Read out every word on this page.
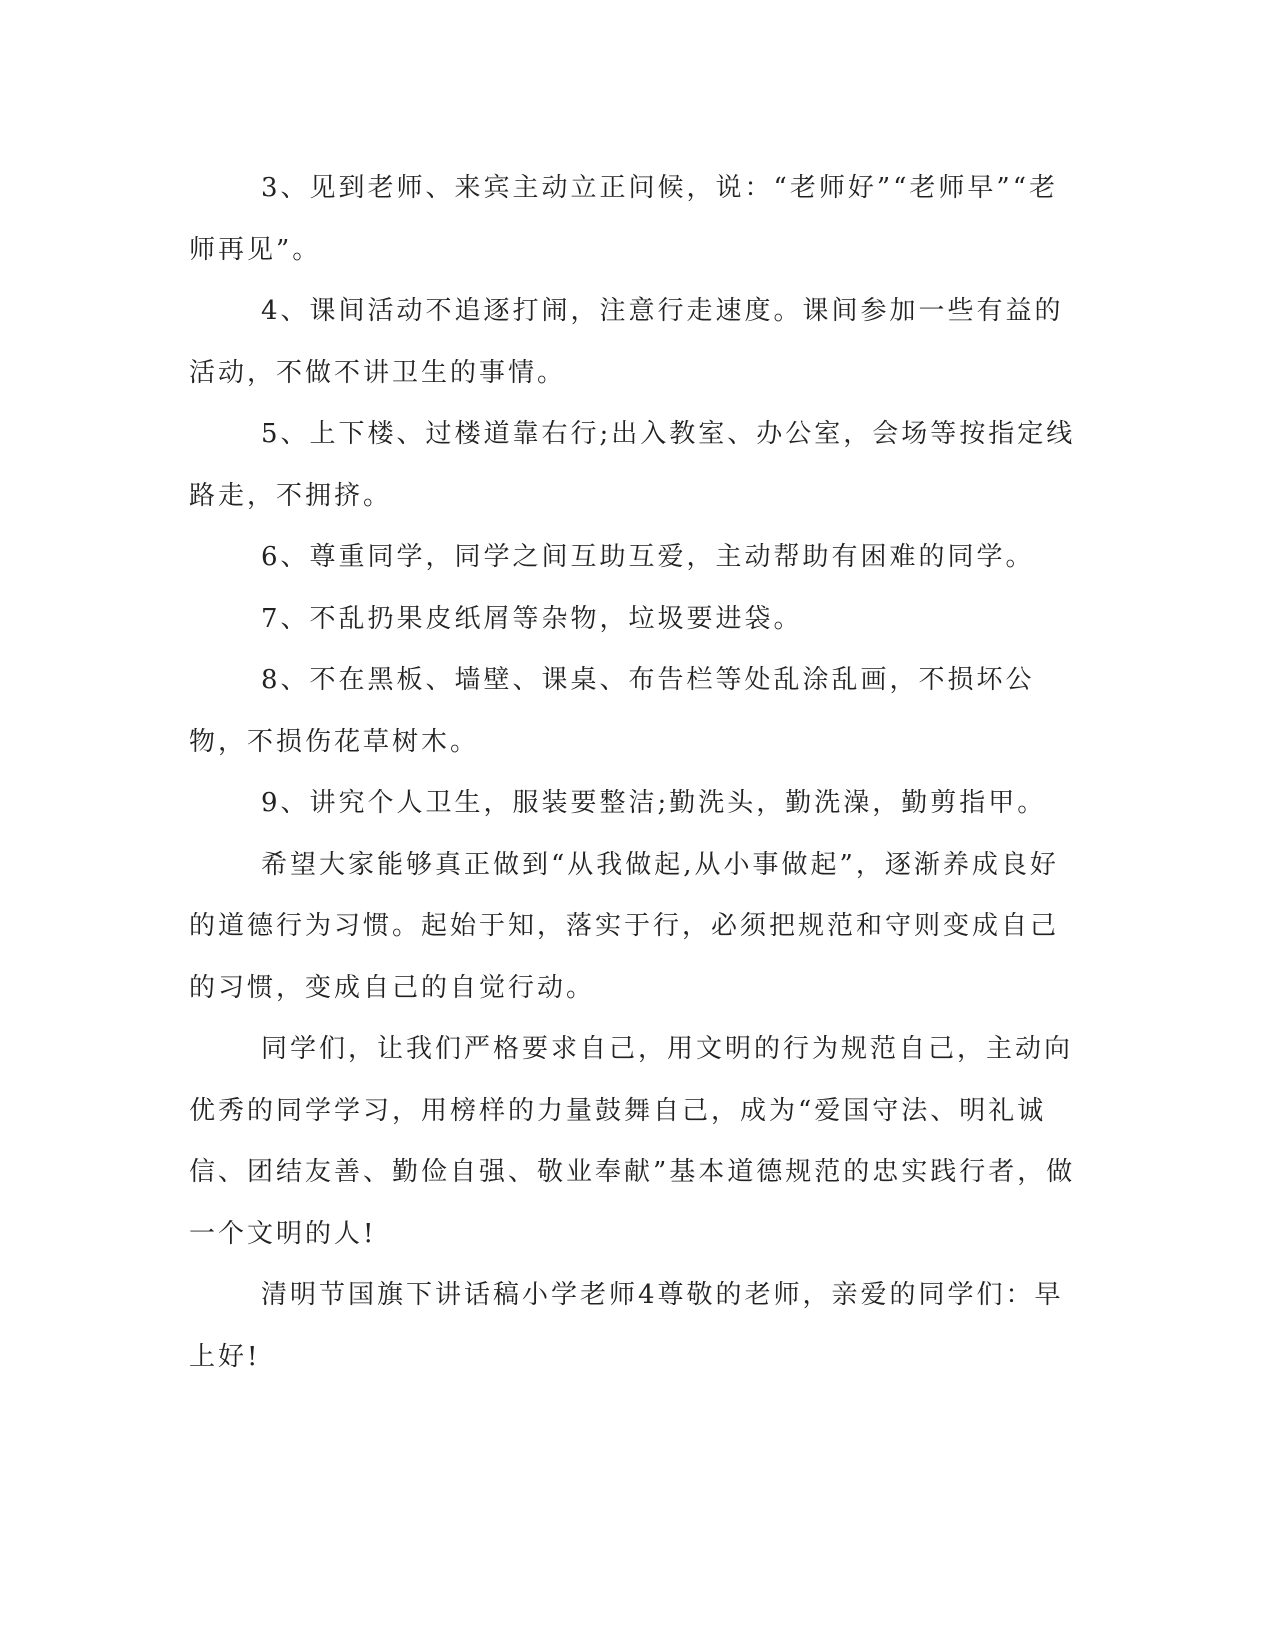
3、见到老师、来宾主动立正问候，说：“老师好”“老师早”“老师再见”。

4、课间活动不追逐打闹，注意行走速度。课间参加一些有益的活动，不做不讲卫生的事情。

5、上下楼、过楼道靠右行;出入教室、办公室，会场等按指定线路走，不拥挤。

6、尊重同学，同学之间互助互爱，主动帮助有困难的同学。

7、不乱扔果皮纸屑等杂物，垃圾要进袋。

8、不在黑板、墙壁、课桌、布告栏等处乱涂乱画，不损坏公物，不损伤花草树木。

9、讲究个人卫生，服装要整洁;勤洗头，勤洗澡，勤剪指甲。

希望大家能够真正做到“从我做起,从小事做起”，逐渐养成良好的道德行为习惯。起始于知，落实于行，必须把规范和守则变成自己的习惯，变成自己的自觉行动。

同学们，让我们严格要求自己，用文明的行为规范自己，主动向优秀的同学学习，用榜样的力量鼓舞自己，成为“爱国守法、明礼诚信、团结友善、勤俭自强、敬业奉献”基本道德规范的忠实践行者，做一个文明的人!

清明节国旗下讲话稿小学老师4尊敬的老师，亲爱的同学们：早上好!
